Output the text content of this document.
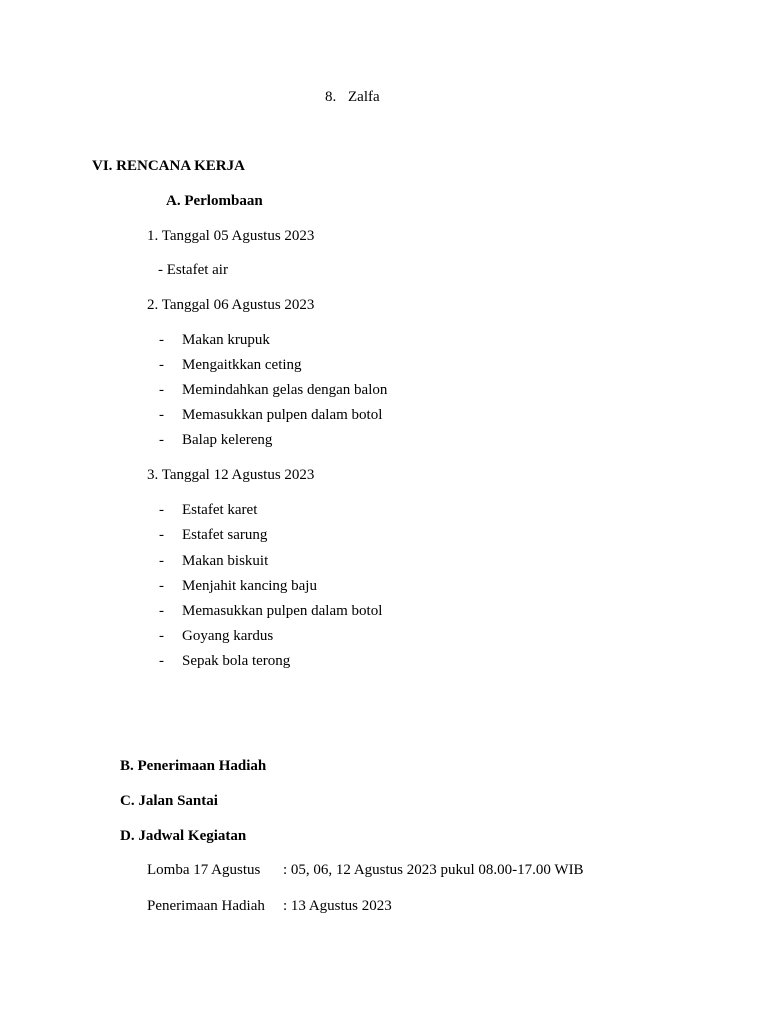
8. Zalfa
VI. RENCANA KERJA
A. Perlombaan
1. Tanggal 05 Agustus 2023
- Estafet air
2. Tanggal 06 Agustus 2023
- Makan krupuk
- Mengaitkkan ceting
- Memindahkan gelas dengan balon
- Memasukkan pulpen dalam botol
- Balap kelereng
3. Tanggal 12 Agustus 2023
- Estafet karet
- Estafet sarung
- Makan biskuit
- Menjahit kancing baju
- Memasukkan pulpen dalam botol
- Goyang kardus
- Sepak bola terong
B. Penerimaan Hadiah
C. Jalan Santai
D. Jadwal Kegiatan
Lomba 17 Agustus : 05, 06, 12 Agustus 2023 pukul 08.00-17.00 WIB
Penerimaan Hadiah : 13 Agustus 2023
